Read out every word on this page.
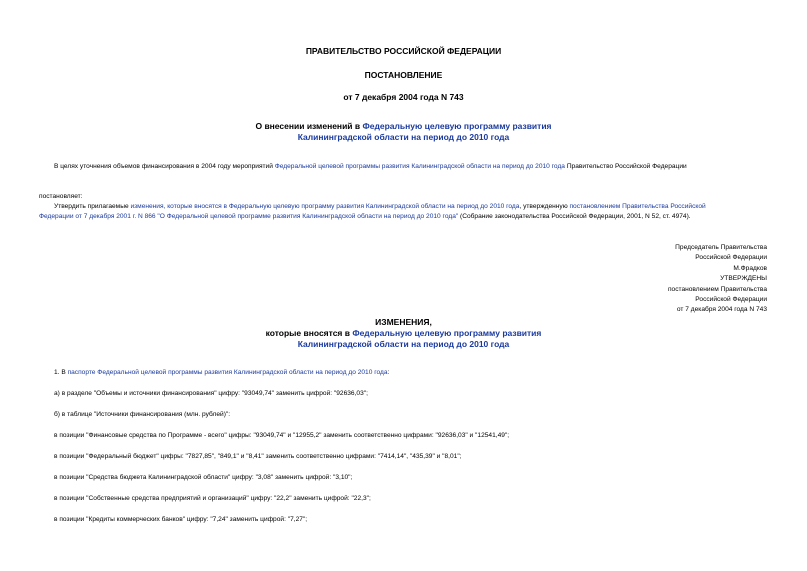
ПРАВИТЕЛЬСТВО РОССИЙСКОЙ ФЕДЕРАЦИИ
ПОСТАНОВЛЕНИЕ
от 7 декабря 2004 года N 743
О внесении изменений в Федеральную целевую программу развития
Калининградской области на период до 2010 года
В целях уточнения объемов финансирования в 2004 году мероприятий Федеральной целевой программы развития Калининградской области на период до 2010 года Правительство Российской Федерации
постановляет:
Утвердить прилагаемые изменения, которые вносятся в Федеральную целевую программу развития Калининградской области на период до 2010 года, утвержденную постановлением Правительства Российской
Федерации от 7 декабря 2001 г. N 866 "О Федеральной целевой программе развития Калининградской области на период до 2010 года" (Собрание законодательства Российской Федерации, 2001, N 52, ст. 4974).
Председатель Правительства
Российской Федерации
М.Фрадков
УТВЕРЖДЕНЫ
постановлением Правительства
Российской Федерации
от 7 декабря 2004 года N 743
ИЗМЕНЕНИЯ,
которые вносятся в Федеральную целевую программу развития
Калининградской области на период до 2010 года
1. В паспорте Федеральной целевой программы развития Калининградской области на период до 2010 года:
а) в разделе "Объемы и источники финансирования" цифру: "93049,74" заменить цифрой: "92636,03";
б) в таблице "Источники финансирования (млн. рублей)":
в позиции "Финансовые средства по Программе - всего" цифры: "93049,74" и "12955,2" заменить соответственно цифрами: "92636,03" и "12541,49";
в позиции "Федеральный бюджет" цифры: "7827,85", "849,1" и "8,41" заменить соответственно цифрами: "7414,14", "435,39" и "8,01";
в позиции "Средства бюджета Калининградской области" цифру: "3,08" заменить цифрой: "3,10";
в позиции "Собственные средства предприятий и организаций" цифру: "22,2" заменить цифрой: "22,3";
в позиции "Кредиты коммерческих банков" цифру: "7,24" заменить цифрой: "7,27";
